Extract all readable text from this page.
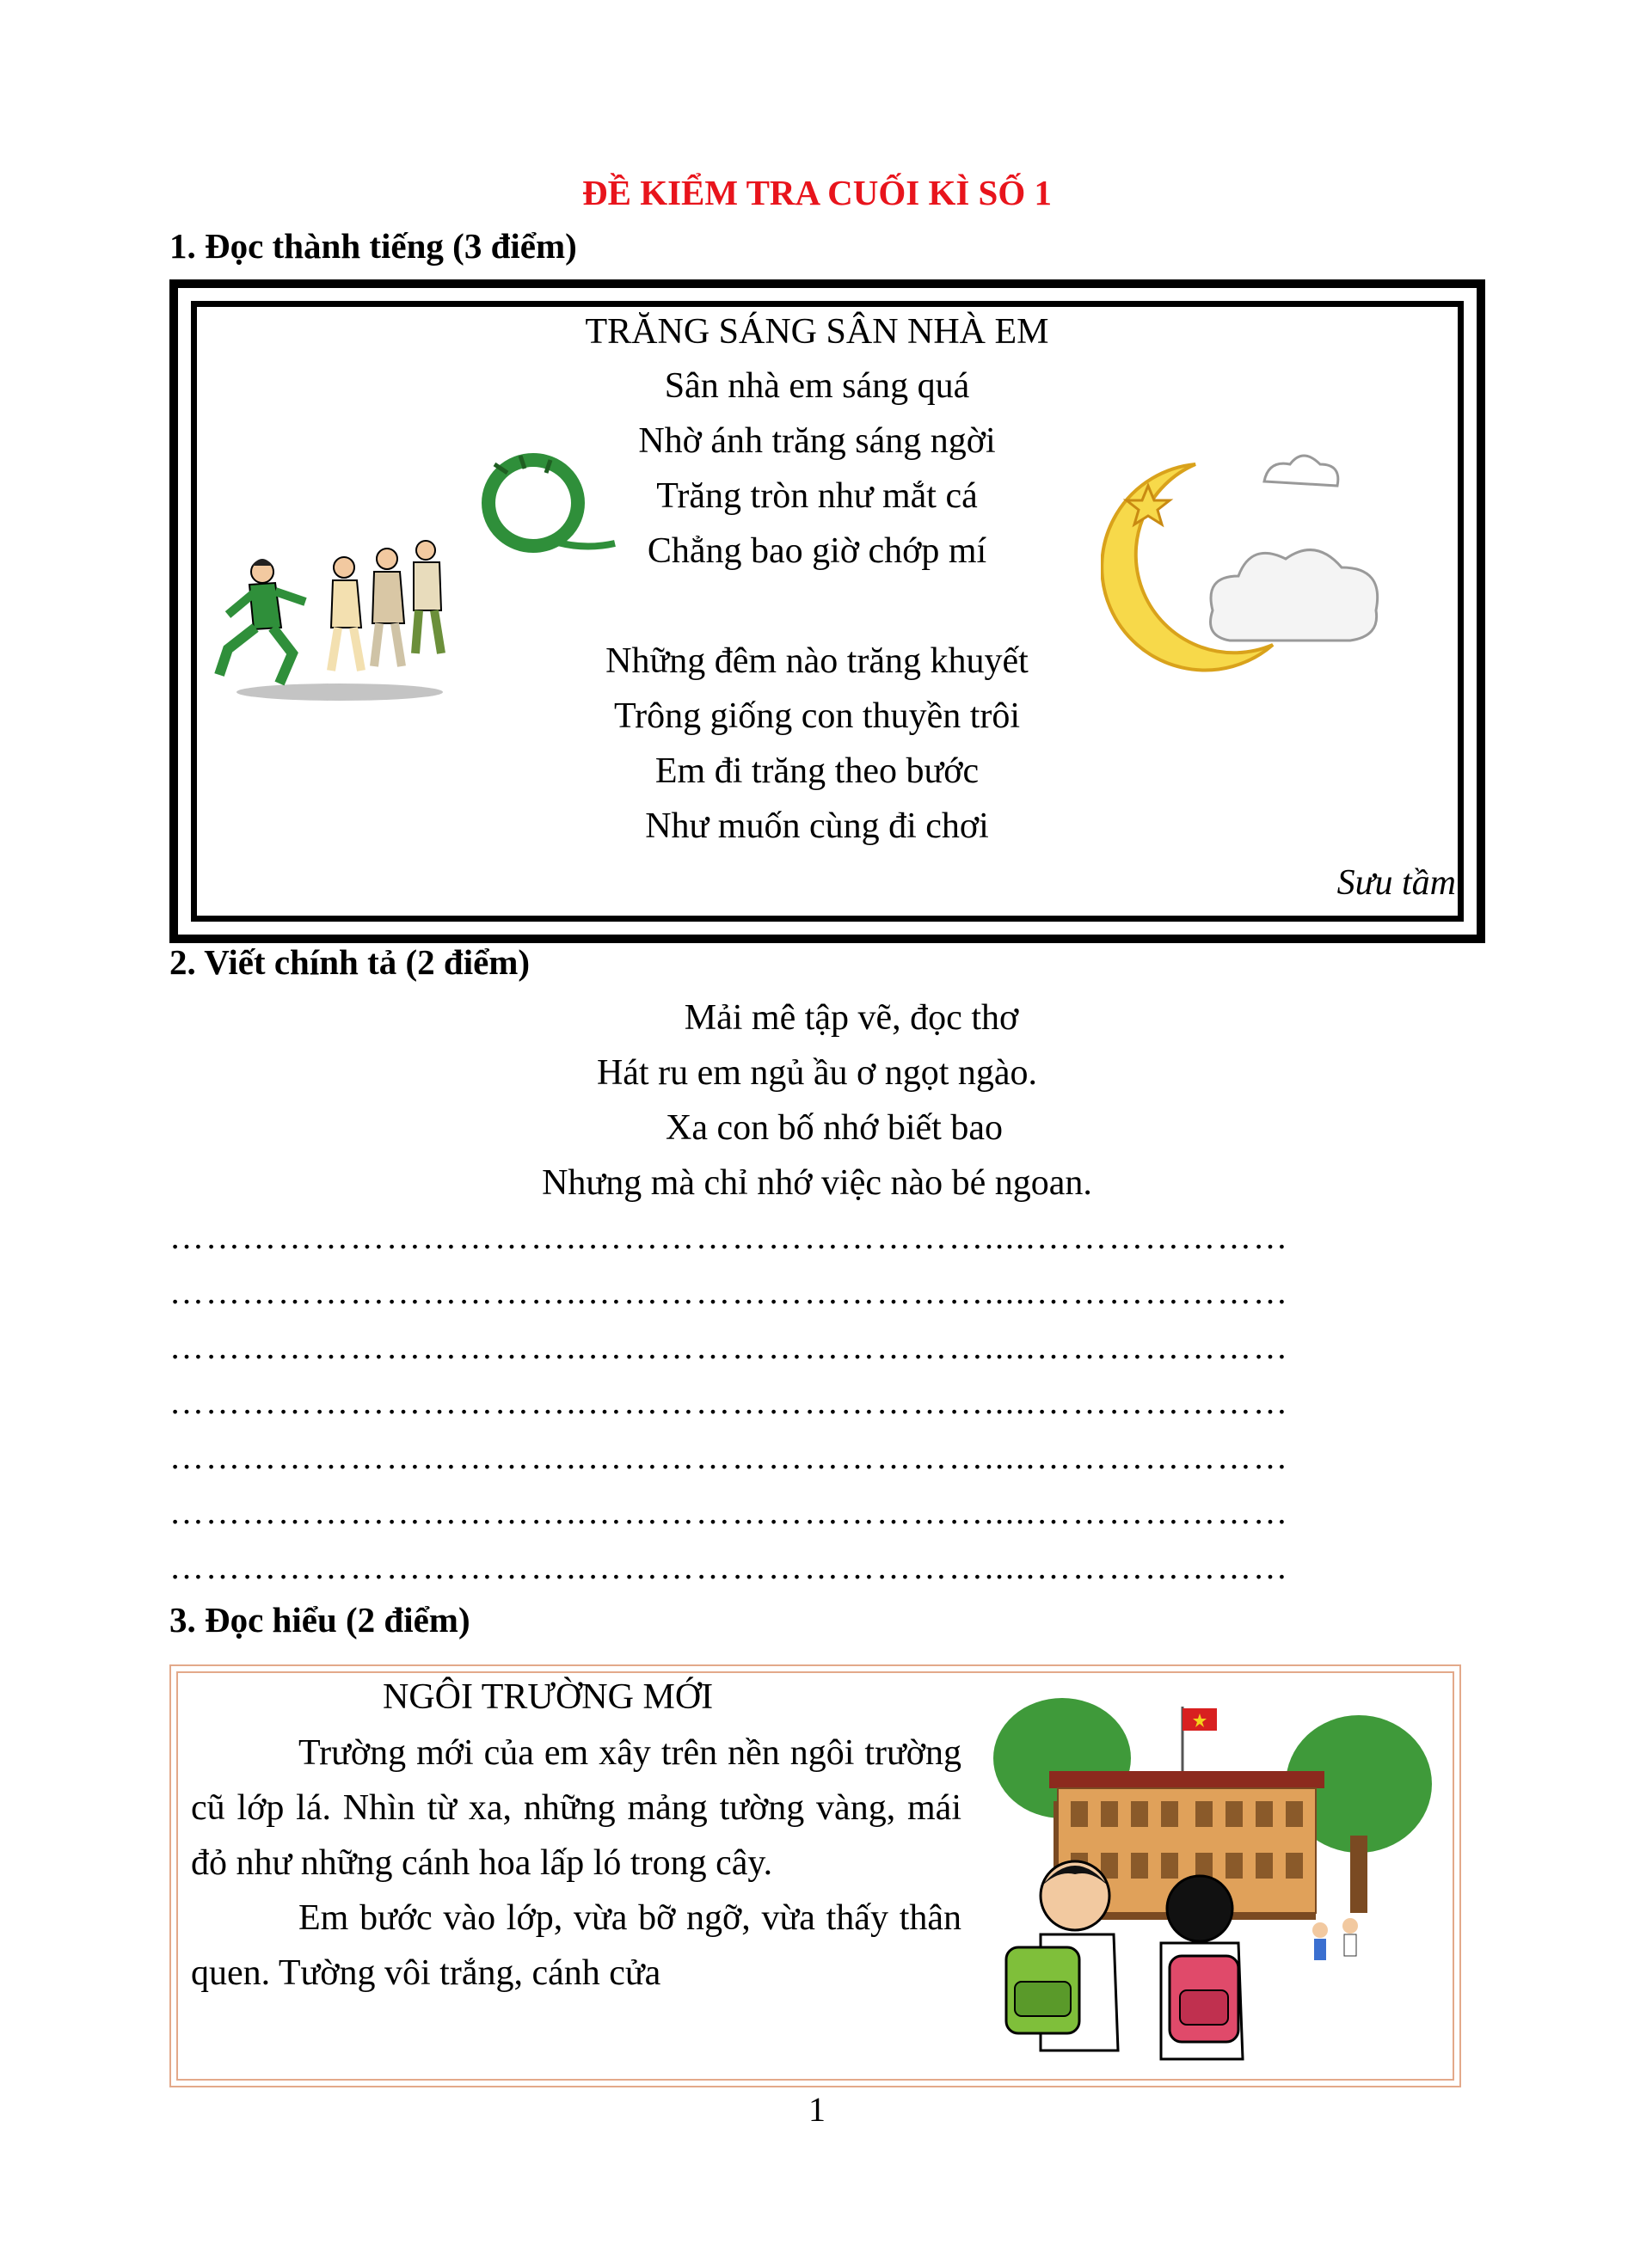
ĐỀ KIỂM TRA CUỐI KÌ SỐ 1
1. Đọc thành tiếng (3 điểm)
TRĂNG SÁNG SÂN NHÀ EM
Sân nhà em sáng quá
Nhờ ánh trăng sáng ngời
Trăng tròn như mắt cá
Chẳng bao giờ chớp mí
Những đêm nào trăng khuyết
Trông giống con thuyền trôi
Em đi trăng theo bước
Như muốn cùng đi chơi
Sưu tầm
2. Viết chính tả (2 điểm)
Mải mê tập vẽ, đọc thơ
Hát ru em ngủ ầu ơ ngọt ngào.
Xa con bố nhớ biết bao
Nhưng mà chỉ nhớ việc nào bé ngoan.
……………………………..…………………………….....…………………
……………………………..…………………………….....…………………
……………………………..…………………………….....…………………
……………………………..…………………………….....…………………
……………………………..…………………………….....…………………
……………………………..…………………………….....…………………
……………………………..…………………………….....…………………
3. Đọc hiểu (2 điểm)
NGÔI TRƯỜNG MỚI

Trường mới của em xây trên nền ngôi trường cũ lớp lá. Nhìn từ xa, những mảng tường vàng, mái đỏ như những cánh hoa lấp ló trong cây.

Em bước vào lớp, vừa bỡ ngỡ, vừa thấy thân quen. Tường vôi trắng, cánh cửa

1
